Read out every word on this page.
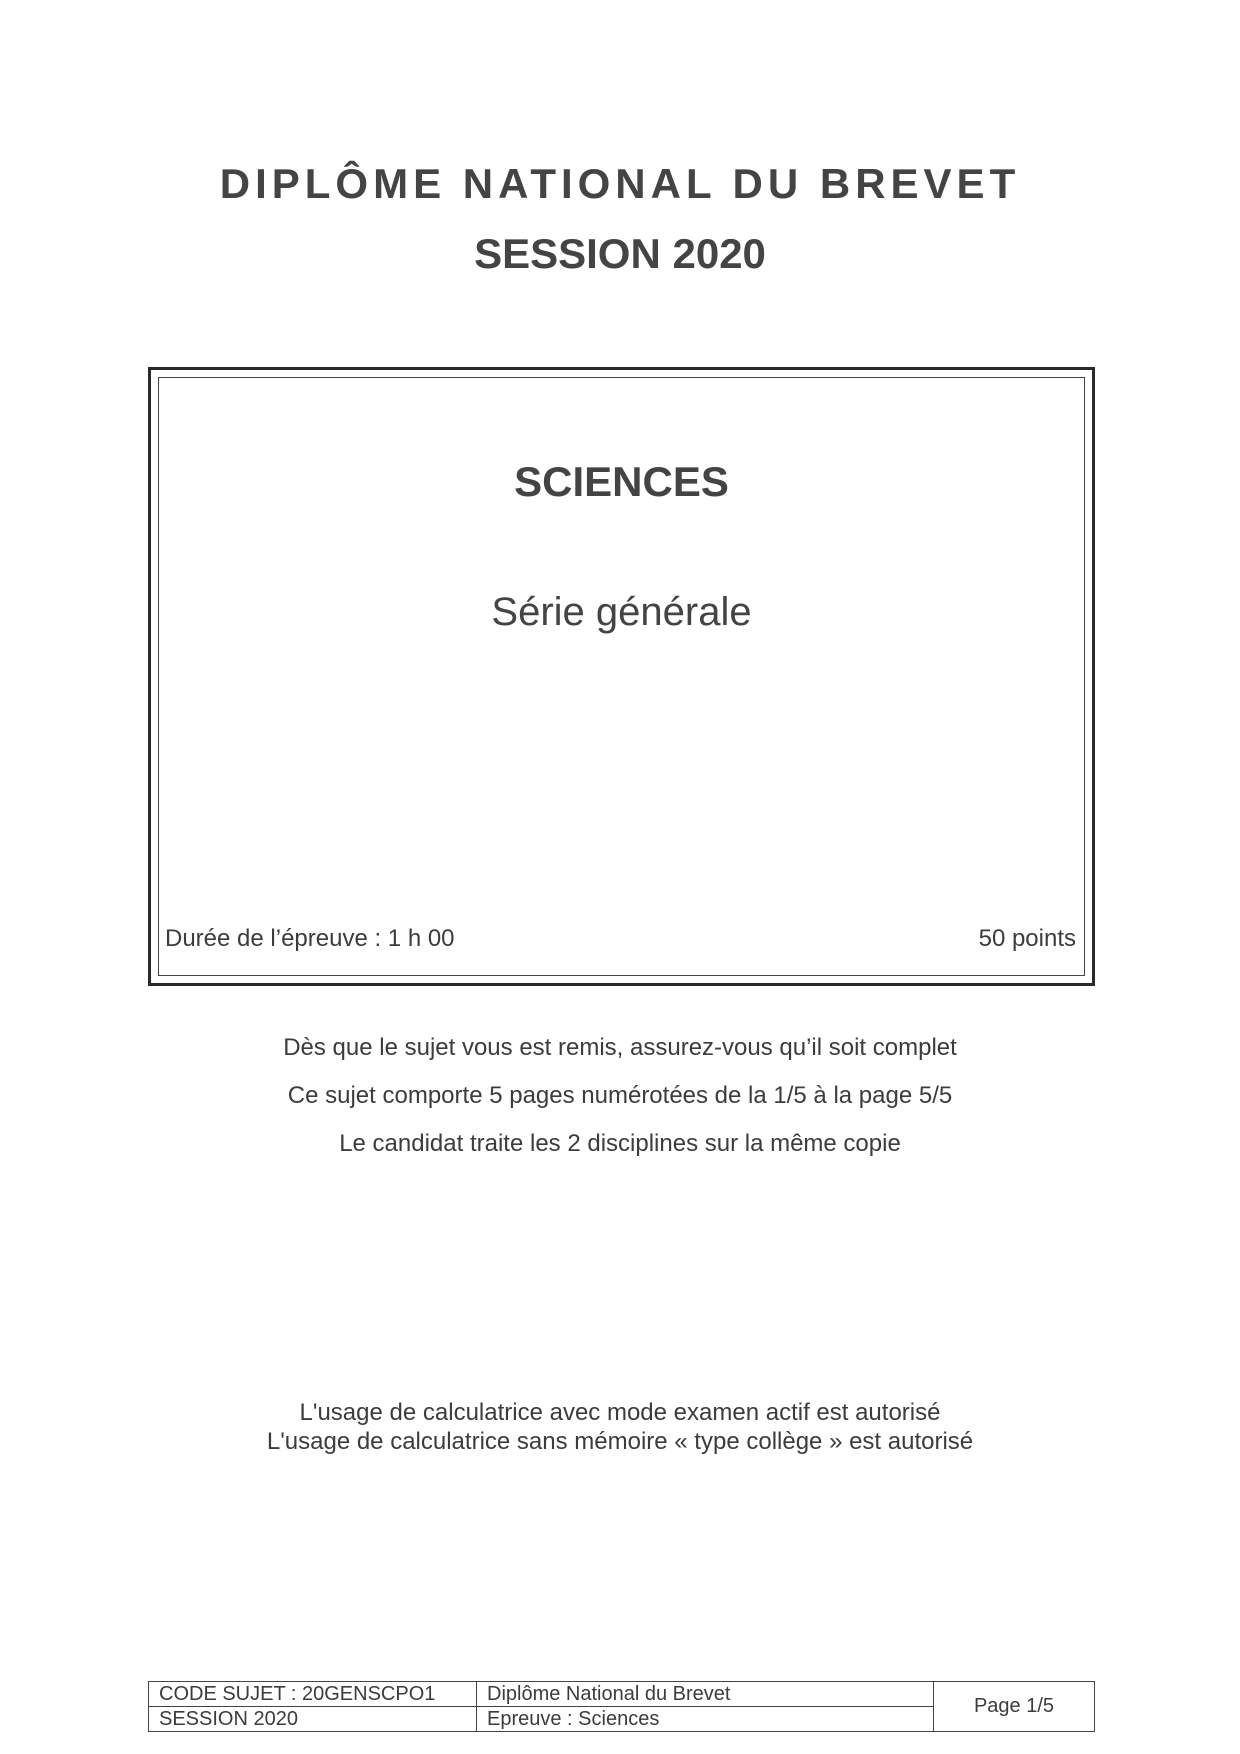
DIPLÔME NATIONAL DU BREVET
SESSION 2020
SCIENCES
Série générale
Durée de l’épreuve : 1 h 00	50 points
Dès que le sujet vous est remis, assurez-vous qu’il soit complet
Ce sujet comporte 5 pages numérotées de la 1/5 à la page 5/5
Le candidat traite les 2 disciplines sur la même copie
L'usage de calculatrice avec mode examen actif est autorisé
L'usage de calculatrice sans mémoire « type collège » est autorisé
CODE SUJET : 20GENSCPO1	Diplôme National du Brevet	Page 1/5
SESSION 2020	Epreuve : Sciences	
